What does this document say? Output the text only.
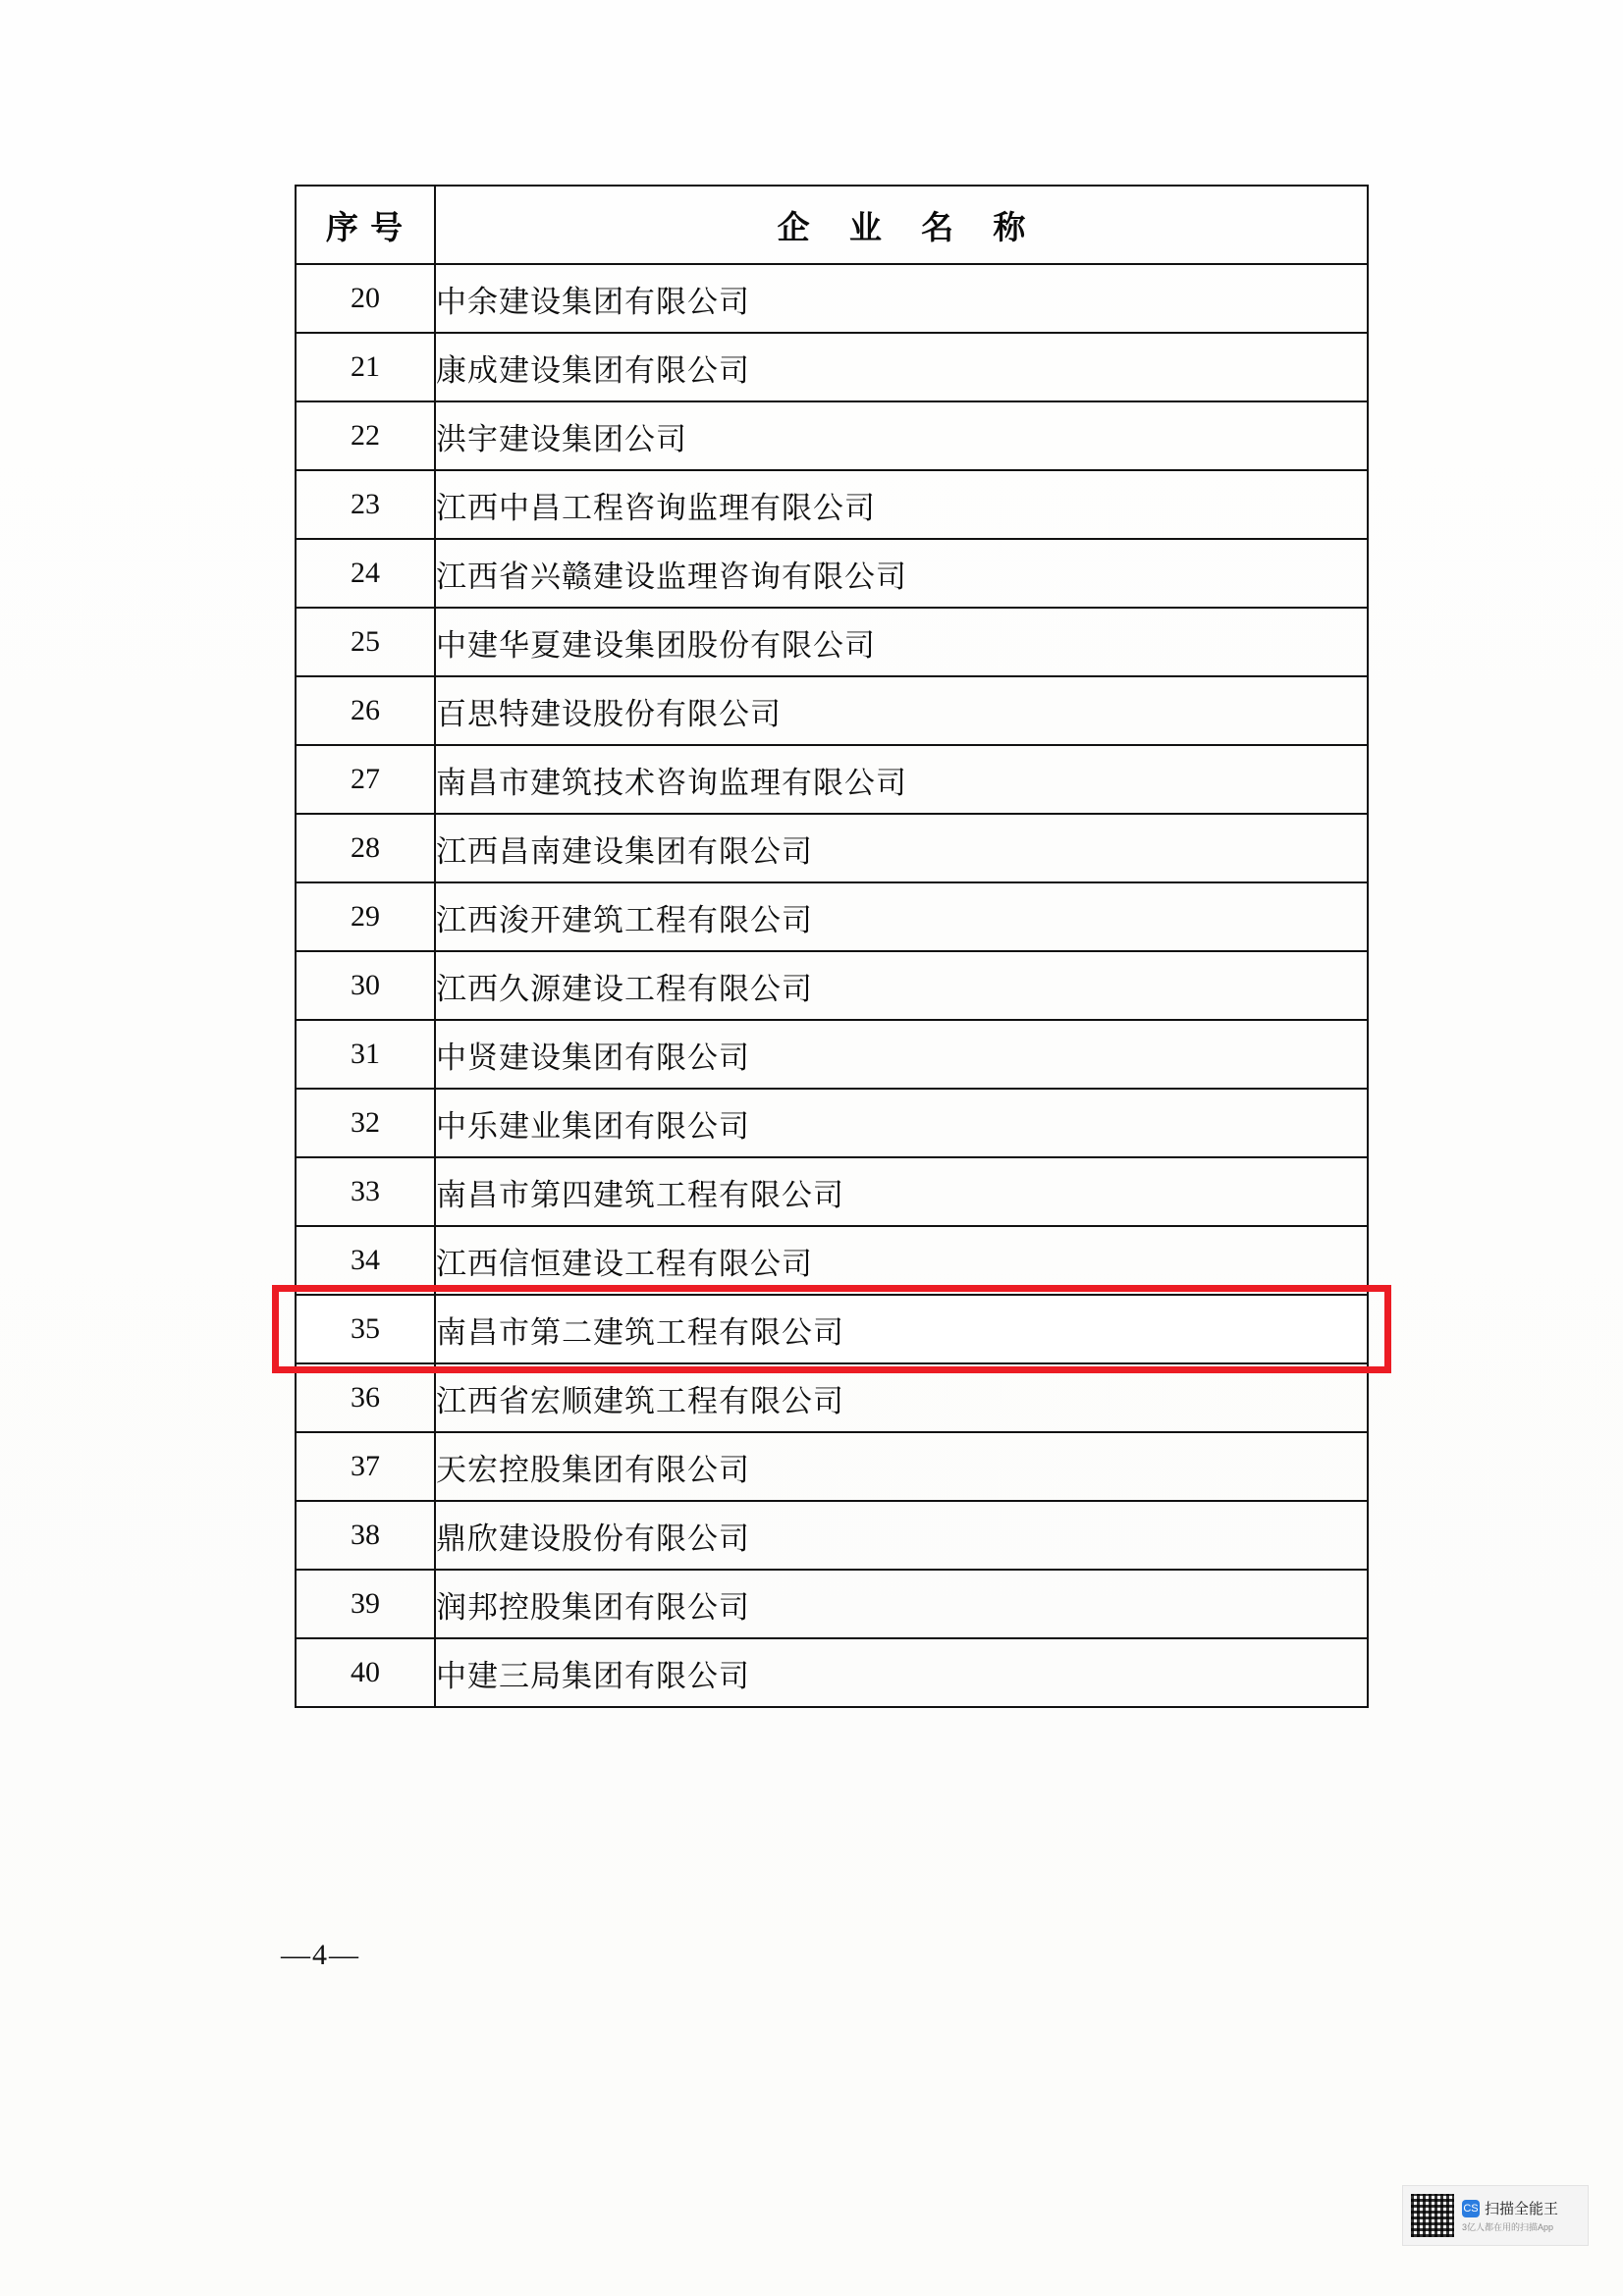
序 号	企 业 名 称
20	中余建设集团有限公司
21	康成建设集团有限公司
22	洪宇建设集团公司
23	江西中昌工程咨询监理有限公司
24	江西省兴赣建设监理咨询有限公司
25	中建华夏建设集团股份有限公司
26	百思特建设股份有限公司
27	南昌市建筑技术咨询监理有限公司
28	江西昌南建设集团有限公司
29	江西浚开建筑工程有限公司
30	江西久源建设工程有限公司
31	中贤建设集团有限公司
32	中乐建业集团有限公司
33	南昌市第四建筑工程有限公司
34	江西信恒建设工程有限公司
35	南昌市第二建筑工程有限公司
36	江西省宏顺建筑工程有限公司
37	天宏控股集团有限公司
38	鼎欣建设股份有限公司
39	润邦控股集团有限公司
40	中建三局集团有限公司
—4—
CS 扫描全能王
3亿人都在用的扫描App
